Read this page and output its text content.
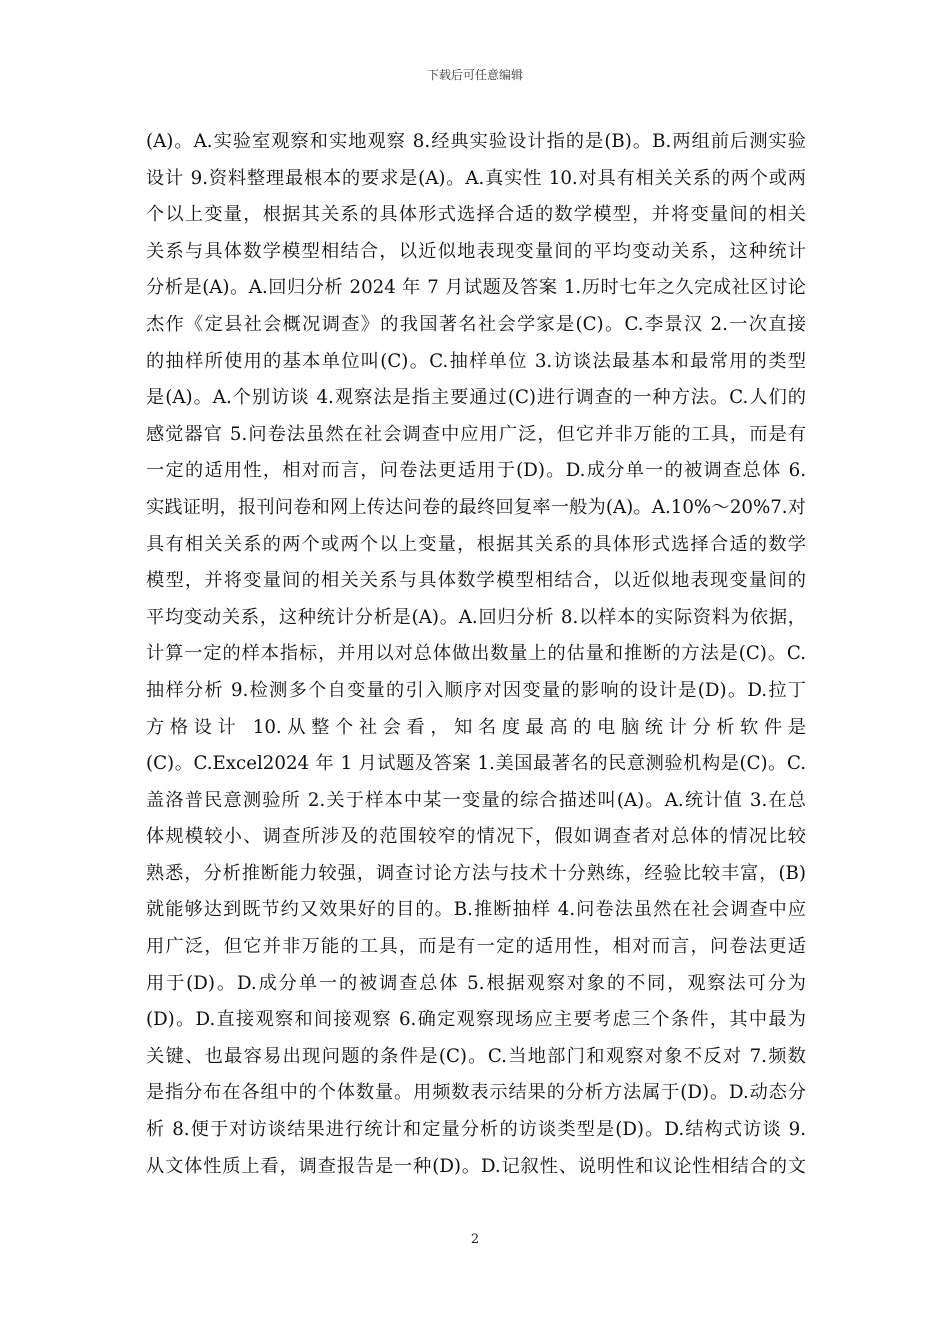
下载后可任意编辑
(A)。A.实验室观察和实地观察 8.经典实验设计指的是(B)。B.两组前后测实验
设计 9.资料整理最根本的要求是(A)。A.真实性 10.对具有相关关系的两个或两
个以上变量，根据其关系的具体形式选择合适的数学模型，并将变量间的相关
关系与具体数学模型相结合，以近似地表现变量间的平均变动关系，这种统计
分析是(A)。A.回归分析 2024 年 7 月试题及答案 1.历时七年之久完成社区讨论
杰作《定县社会概况调查》的我国著名社会学家是(C)。C.李景汉 2.一次直接
的抽样所使用的基本单位叫(C)。C.抽样单位 3.访谈法最基本和最常用的类型
是(A)。A.个别访谈 4.观察法是指主要通过(C)进行调查的一种方法。C.人们的
感觉器官 5.问卷法虽然在社会调查中应用广泛，但它并非万能的工具，而是有
一定的适用性，相对而言，问卷法更适用于(D)。D.成分单一的被调查总体 6.
实践证明，报刊问卷和网上传达问卷的最终回复率一般为(A)。A.10%～20%7.对
具有相关关系的两个或两个以上变量，根据其关系的具体形式选择合适的数学
模型，并将变量间的相关关系与具体数学模型相结合，以近似地表现变量间的
平均变动关系，这种统计分析是(A)。A.回归分析 8.以样本的实际资料为依据，
计算一定的样本指标，并用以对总体做出数量上的估量和推断的方法是(C)。C.
抽样分析 9.检测多个自变量的引入顺序对因变量的影响的设计是(D)。D.拉丁
方格设计 10.从整个社会看，知名度最高的电脑统计分析软件是
(C)。C.Excel2024 年 1 月试题及答案 1.美国最著名的民意测验机构是(C)。C.
盖洛普民意测验所 2.关于样本中某一变量的综合描述叫(A)。A.统计值 3.在总
体规模较小、调查所涉及的范围较窄的情况下，假如调查者对总体的情况比较
熟悉，分析推断能力较强，调查讨论方法与技术十分熟练，经验比较丰富，(B)
就能够达到既节约又效果好的目的。B.推断抽样 4.问卷法虽然在社会调查中应
用广泛，但它并非万能的工具，而是有一定的适用性，相对而言，问卷法更适
用于(D)。D.成分单一的被调查总体 5.根据观察对象的不同，观察法可分为
(D)。D.直接观察和间接观察 6.确定观察现场应主要考虑三个条件，其中最为
关键、也最容易出现问题的条件是(C)。C.当地部门和观察对象不反对 7.频数
是指分布在各组中的个体数量。用频数表示结果的分析方法属于(D)。D.动态分
析 8.便于对访谈结果进行统计和定量分析的访谈类型是(D)。D.结构式访谈 9.
从文体性质上看，调查报告是一种(D)。D.记叙性、说明性和议论性相结合的文
2
